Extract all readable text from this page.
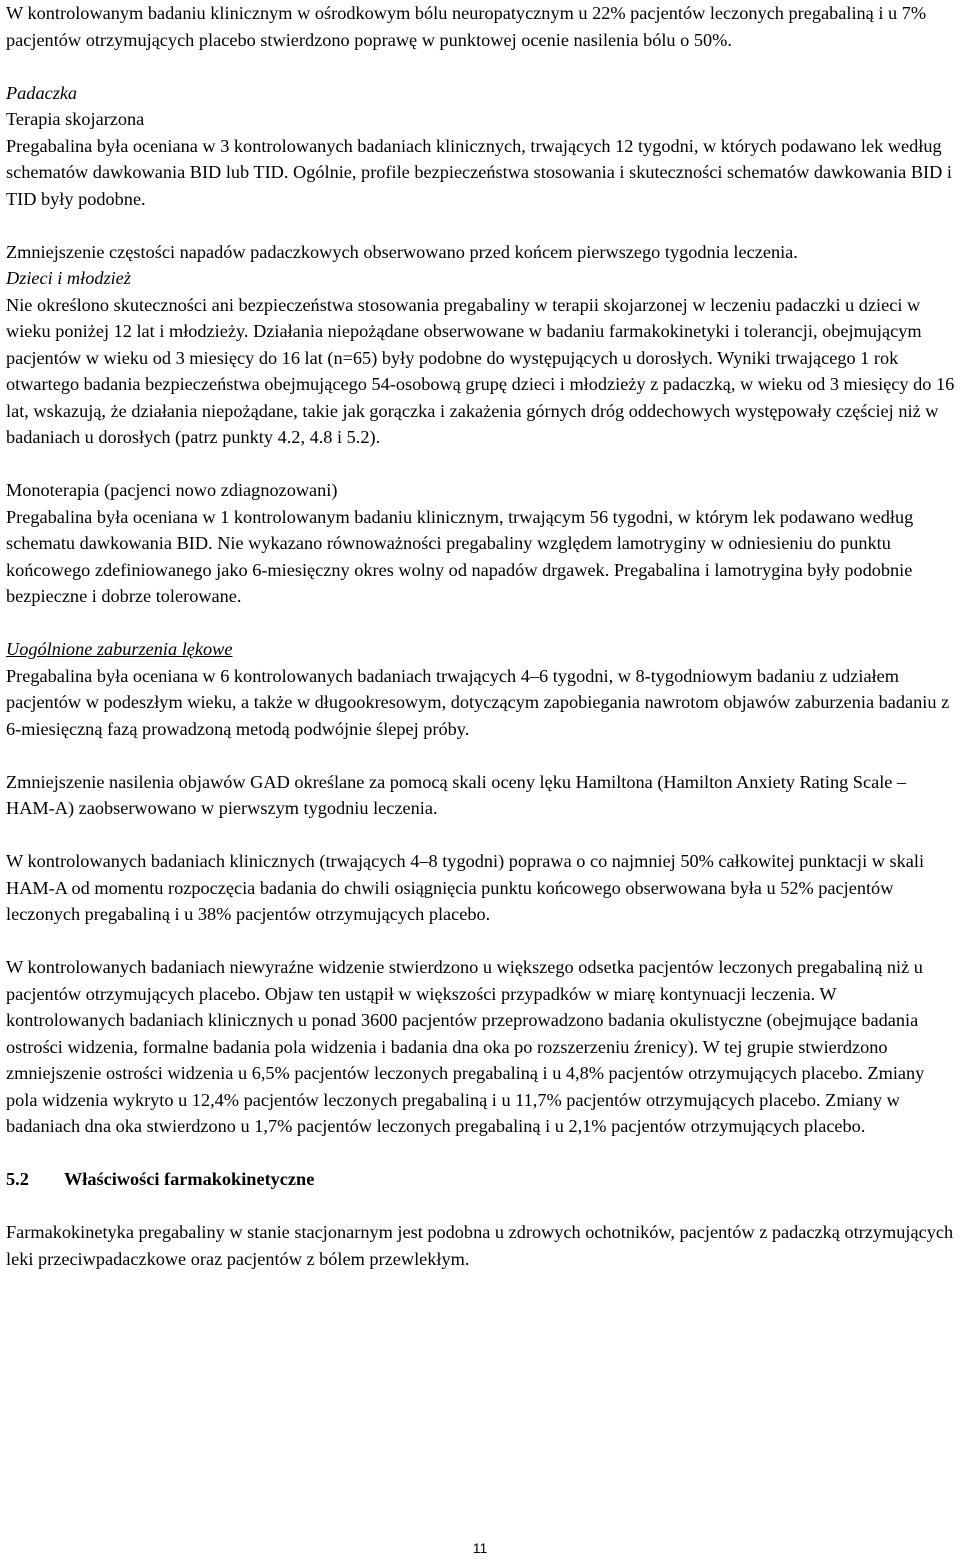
W kontrolowanym badaniu klinicznym w ośrodkowym bólu neuropatycznym u 22% pacjentów leczonych pregabaliną i u 7% pacjentów otrzymujących placebo stwierdzono poprawę w punktowej ocenie nasilenia bólu o 50%.

Padaczka

Terapia skojarzona

Pregabalina była oceniana w 3 kontrolowanych badaniach klinicznych, trwających 12 tygodni, w których podawano lek według schematów dawkowania BID lub TID. Ogólnie, profile bezpieczeństwa stosowania i skuteczności schematów dawkowania BID i TID były podobne.

Zmniejszenie częstości napadów padaczkowych obserwowano przed końcem pierwszego tygodnia leczenia.

Dzieci i młodzież

Nie określono skuteczności ani bezpieczeństwa stosowania pregabaliny w terapii skojarzonej w leczeniu padaczki u dzieci w wieku poniżej 12 lat i młodzieży. Działania niepożądane obserwowane w badaniu farmakokinetyki i tolerancji, obejmującym pacjentów w wieku od 3 miesięcy do 16 lat (n=65) były podobne do występujących u dorosłych. Wyniki trwającego 1 rok otwartego badania bezpieczeństwa obejmującego 54-osobową grupę dzieci i młodzieży z padaczką, w wieku od 3 miesięcy do 16 lat, wskazują, że działania niepożądane, takie jak gorączka i zakażenia górnych dróg oddechowych występowały częściej niż w badaniach u dorosłych (patrz punkty 4.2, 4.8 i 5.2).

Monoterapia (pacjenci nowo zdiagnozowani)

Pregabalina była oceniana w 1 kontrolowanym badaniu klinicznym, trwającym 56 tygodni, w którym lek podawano według schematu dawkowania BID. Nie wykazano równoważności pregabaliny względem lamotryginy w odniesieniu do punktu końcowego zdefiniowanego jako 6-miesięczny okres wolny od napadów drgawek. Pregabalina i lamotrygina były podobnie bezpieczne i dobrze tolerowane.

Uogólnione zaburzenia lękowe

Pregabalina była oceniana w 6 kontrolowanych badaniach trwających 4–6 tygodni, w 8-tygodniowym badaniu z udziałem pacjentów w podeszłym wieku, a także w długookresowym, dotyczącym zapobiegania nawrotom objawów zaburzenia badaniu z 6-miesięczną fazą prowadzoną metodą podwójnie ślepej próby.

Zmniejszenie nasilenia objawów GAD określane za pomocą skali oceny lęku Hamiltona (Hamilton Anxiety Rating Scale – HAM-A) zaobserwowano w pierwszym tygodniu leczenia.

W kontrolowanych badaniach klinicznych (trwających 4–8 tygodni) poprawa o co najmniej 50% całkowitej punktacji w skali HAM-A od momentu rozpoczęcia badania do chwili osiągnięcia punktu końcowego obserwowana była u 52% pacjentów leczonych pregabaliną i u 38% pacjentów otrzymujących placebo.

W kontrolowanych badaniach niewyraźne widzenie stwierdzono u większego odsetka pacjentów leczonych pregabaliną niż u pacjentów otrzymujących placebo. Objaw ten ustąpił w większości przypadków w miarę kontynuacji leczenia. W kontrolowanych badaniach klinicznych u ponad 3600 pacjentów przeprowadzono badania okulistyczne (obejmujące badania ostrości widzenia, formalne badania pola widzenia i badania dna oka po rozszerzeniu źrenicy). W tej grupie stwierdzono zmniejszenie ostrości widzenia u 6,5% pacjentów leczonych pregabaliną i u 4,8% pacjentów otrzymujących placebo. Zmiany pola widzenia wykryto u 12,4% pacjentów leczonych pregabaliną i u 11,7% pacjentów otrzymujących placebo. Zmiany w badaniach dna oka stwierdzono u 1,7% pacjentów leczonych pregabaliną i u 2,1% pacjentów otrzymujących placebo.

5.2 Właściwości farmakokinetyczne

Farmakokinetyka pregabaliny w stanie stacjonarnym jest podobna u zdrowych ochotników, pacjentów z padaczką otrzymujących leki przeciwpadaczkowe oraz pacjentów z bólem przewlekłym.

11
